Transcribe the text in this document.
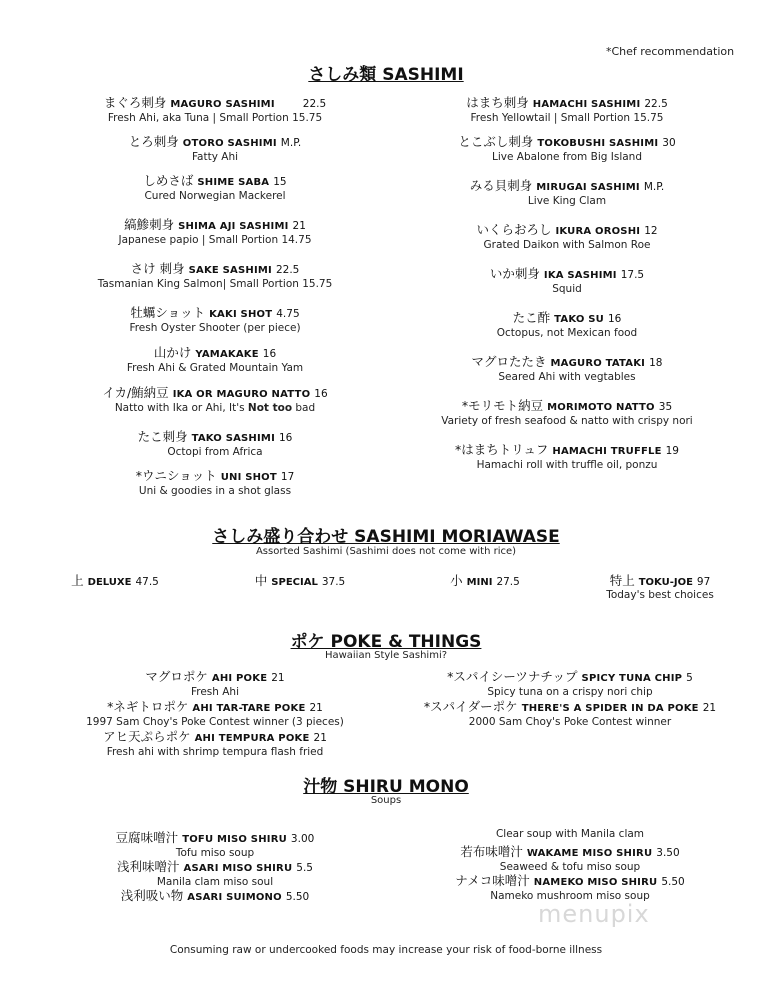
*Chef recommendation
さしみ類 SASHIMI
まぐろ刺身 MAGURO SASHIMI	22.5
Fresh Ahi, aka Tuna | Small Portion 15.75
とろ刺身 OTORO SASHIMI M.P.
Fatty Ahi
しめさば SHIME SABA 15
Cured Norwegian Mackerel
縞鯵刺身 SHIMA AJI SASHIMI 21
Japanese papio | Small Portion 14.75
さけ 刺身 SAKE SASHIMI 22.5
Tasmanian King Salmon| Small Portion 15.75
牡蠣ショット KAKI SHOT 4.75
Fresh Oyster Shooter (per piece)
山かけ YAMAKAKE 16
Fresh Ahi & Grated Mountain Yam
イカ/鮪納豆 IKA OR MAGURO NATTO 16
Natto with Ika or Ahi, It's Not too bad
たこ刺身 TAKO SASHIMI 16
Octopi from Africa
*ウニショット UNI SHOT 17
Uni & goodies in a shot glass
はまち刺身 HAMACHI SASHIMI 22.5
Fresh Yellowtail | Small Portion 15.75
とこぶし刺身 TOKOBUSHI SASHIMI 30
Live Abalone from Big Island
みる貝刺身 MIRUGAI SASHIMI M.P.
Live King Clam
いくらおろし IKURA OROSHI 12
Grated Daikon with Salmon Roe
いか刺身 IKA SASHIMI 17.5
Squid
たこ酢 TAKO SU 16
Octopus, not Mexican food
マグロたたき MAGURO TATAKI 18
Seared Ahi with vegtables
*モリモト納豆 MORIMOTO NATTO 35
Variety of fresh seafood & natto with crispy nori
*はまちトリュフ HAMACHI TRUFFLE 19
Hamachi roll with truffle oil, ponzu
さしみ盛り合わせ SASHIMI MORIAWASE
Assorted Sashimi (Sashimi does not come with rice)
上 DELUXE 47.5	中 SPECIAL 37.5	小 MINI 27.5	特上 TOKU-JOE 97
Today's best choices
ポケ POKE & THINGS
Hawaiian Style Sashimi?
マグロポケ AHI POKE 21
Fresh Ahi
*ネギトロポケ AHI TAR-TARE POKE 21
1997 Sam Choy's Poke Contest winner (3 pieces)
アヒ天ぷらポケ AHI TEMPURA POKE 21
Fresh ahi with shrimp tempura flash fried
*スパイシーツナチップ SPICY TUNA CHIP 5
Spicy tuna on a crispy nori chip
*スパイダーポケ THERE'S A SPIDER IN DA POKE 21
2000 Sam Choy's Poke Contest winner
汁物 SHIRU MONO
Soups
豆腐味噌汁 TOFU MISO SHIRU 3.00
Tofu miso soup
浅利味噌汁 ASARI MISO SHIRU 5.5
Manila clam miso soul
浅利吸い物 ASARI SUIMONO 5.50
Clear soup with Manila clam
若布味噌汁 WAKAME MISO SHIRU 3.50
Seaweed & tofu miso soup
ナメコ味噌汁 NAMEKO MISO SHIRU 5.50
Nameko mushroom miso soup
menupix
Consuming raw or undercooked foods may increase your risk of food-borne illness
